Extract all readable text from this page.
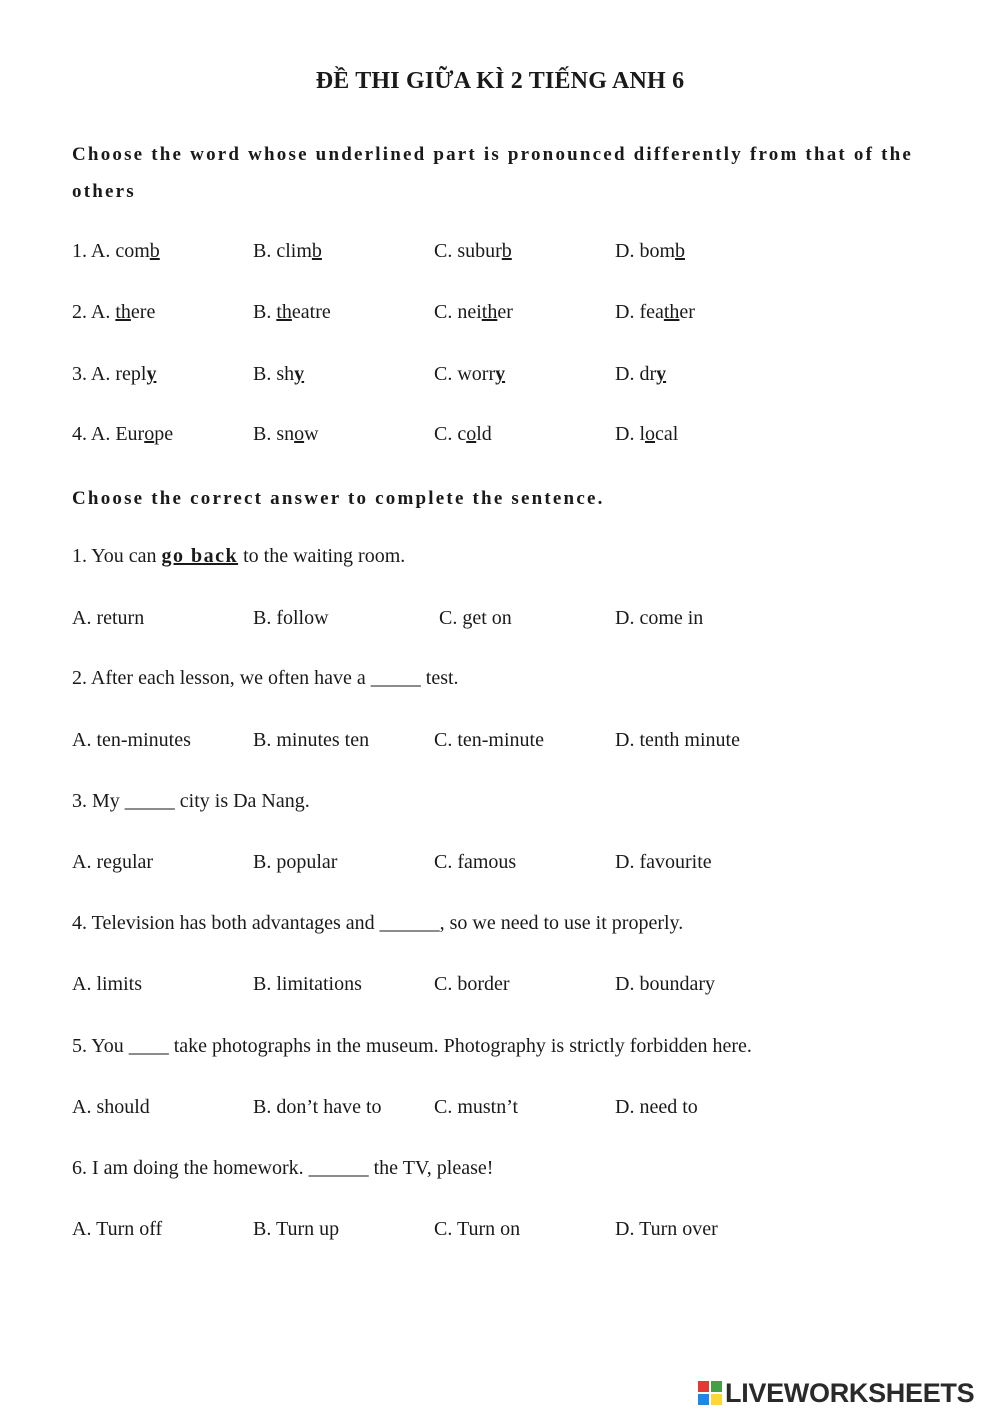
ĐỀ THI GIỮA KÌ 2 TIẾNG ANH 6
Choose the word whose underlined part is pronounced differently from that of the others
1. A. comb	B. climb	C. suburb	D. bomb
2. A. there	B. theatre	C. neither	D. feather
3. A. reply	B. shy	C. worry	D. dry
4. A. Europe	B. snow	C. cold	D. local
Choose the correct answer to complete the sentence.
1. You can go back to the waiting room.
A. return	B. follow	C. get on	D. come in
2. After each lesson, we often have a _____ test.
A. ten-minutes	B. minutes ten	C. ten-minute	D. tenth minute
3. My _____ city is Da Nang.
A. regular	B. popular	C. famous	D. favourite
4. Television has both advantages and ______, so we need to use it properly.
A. limits	B. limitations	C. border	D. boundary
5. You ____ take photographs in the museum. Photography is strictly forbidden here.
A. should	B. don’t have to	C. mustn’t	D. need to
6. I am doing the homework. ______ the TV, please!
A. Turn off	B. Turn up	C. Turn on	D. Turn over
LIVEWORKSHEETS
